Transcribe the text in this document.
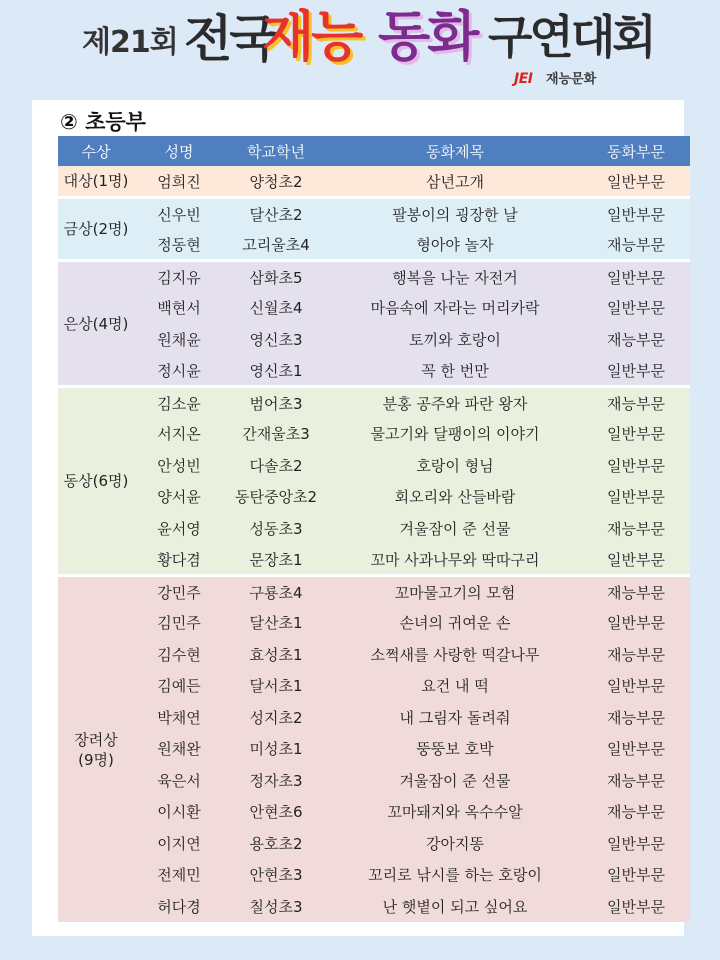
제21회 전국
재능 동화 구연대회
JEI 재능문화
② 초등부
수상	성명	학교학년	동화제목	동화부문
대상(1명)	엄희진	양청초2	삼년고개	일반부문
금상(2명)	신우빈	달산초2	팔봉이의 굉장한 날	일반부문
	정동현	고리울초4	형아야 놀자	재능부문
은상(4명)	김지유	삼화초5	행복을 나눈 자전거	일반부문
	백현서	신월초4	마음속에 자라는 머리카락	일반부문
	원채윤	영신초3	토끼와 호랑이	재능부문
	정시윤	영신초1	꼭 한 번만	일반부문
동상(6명)	김소윤	범어초3	분홍 공주와 파란 왕자	재능부문
	서지온	간재울초3	물고기와 달팽이의 이야기	일반부문
	안성빈	다솔초2	호랑이 형님	일반부문
	양서윤	동탄중앙초2	회오리와 산들바람	일반부문
	윤서영	성동초3	겨울잠이 준 선물	재능부문
	황다겸	문장초1	꼬마 사과나무와 딱따구리	일반부문
장려상
(9명)	강민주	구룡초4	꼬마물고기의 모험	재능부문
	김민주	달산초1	손녀의 귀여운 손	일반부문
	김수현	효성초1	소쩍새를 사랑한 떡갈나무	재능부문
	김예든	달서초1	요건 내 떡	일반부문
	박채연	성지초2	내 그림자 돌려줘	재능부문
	원채완	미성초1	뚱뚱보 호박	일반부문
	육은서	정자초3	겨울잠이 준 선물	재능부문
	이시환	안현초6	꼬마돼지와 옥수수알	재능부문
	이지연	용호초2	강아지똥	일반부문
	전제민	안현초3	꼬리로 낚시를 하는 호랑이	일반부문
	허다경	칠성초3	난 햇볕이 되고 싶어요	일반부문
